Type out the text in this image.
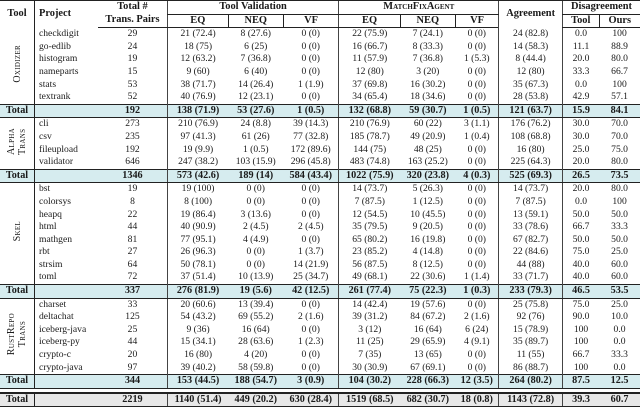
Tool	Project	Total #	Tool Validation			MatchFixAgent			Agreement	Disagreement	
		Trans. Pairs	EQ	NEQ	VF	EQ	NEQ	VF		Tool	Ours
Oxidizer	checkdigit	29	21 (72.4)	8 (27.6)	0 (0)	22 (75.9)	7 (24.1)	0 (0)	24 (82.8)	0.0	100
	go-edlib	24	18 (75)	6 (25)	0 (0)	16 (66.7)	8 (33.3)	0 (0)	14 (58.3)	11.1	88.9
	histogram	19	12 (63.2)	7 (36.8)	0 (0)	11 (57.9)	7 (36.8)	1 (5.3)	8 (44.4)	20.0	80.0
	nameparts	15	9 (60)	6 (40)	0 (0)	12 (80)	3 (20)	0 (0)	12 (80)	33.3	66.7
	stats	53	38 (71.7)	14 (26.4)	1 (1.9)	37 (69.8)	16 (30.2)	0 (0)	35 (67.3)	0.0	100
	textrank	52	40 (76.9)	12 (23.1)	0 (0)	34 (65.4)	18 (34.6)	0 (0)	28 (53.8)	42.9	57.1
Total		192	138 (71.9)	53 (27.6)	1 (0.5)	132 (68.8)	59 (30.7)	1 (0.5)	121 (63.7)	15.9	84.1
Alpha
Trans	cli	273	210 (76.9)	24 (8.8)	39 (14.3)	210 (76.9)	60 (22)	3 (1.1)	176 (76.2)	30.0	70.0
	csv	235	97 (41.3)	61 (26)	77 (32.8)	185 (78.7)	49 (20.9)	1 (0.4)	108 (68.8)	30.0	70.0
	fileupload	192	19 (9.9)	1 (0.5)	172 (89.6)	144 (75)	48 (25)	0 (0)	16 (80)	25.0	75.0
	validator	646	247 (38.2)	103 (15.9)	296 (45.8)	483 (74.8)	163 (25.2)	0 (0)	225 (64.3)	20.0	80.0
Total		1346	573 (42.6)	189 (14)	584 (43.4)	1022 (75.9)	320 (23.8)	4 (0.3)	525 (69.3)	26.5	73.5
Skel	bst	19	19 (100)	0 (0)	0 (0)	14 (73.7)	5 (26.3)	0 (0)	14 (73.7)	20.0	80.0
	colorsys	8	8 (100)	0 (0)	0 (0)	7 (87.5)	1 (12.5)	0 (0)	7 (87.5)	0.0	100
	heapq	22	19 (86.4)	3 (13.6)	0 (0)	12 (54.5)	10 (45.5)	0 (0)	13 (59.1)	50.0	50.0
	html	44	40 (90.9)	2 (4.5)	2 (4.5)	35 (79.5)	9 (20.5)	0 (0)	33 (78.6)	66.7	33.3
	mathgen	81	77 (95.1)	4 (4.9)	0 (0)	65 (80.2)	16 (19.8)	0 (0)	67 (82.7)	50.0	50.0
	rbt	27	26 (96.3)	0 (0)	1 (3.7)	23 (85.2)	4 (14.8)	0 (0)	22 (84.6)	75.0	25.0
	strsim	64	50 (78.1)	0 (0)	14 (21.9)	56 (87.5)	8 (12.5)	0 (0)	44 (88)	40.0	60.0
	toml	72	37 (51.4)	10 (13.9)	25 (34.7)	49 (68.1)	22 (30.6)	1 (1.4)	33 (71.7)	40.0	60.0
Total		337	276 (81.9)	19 (5.6)	42 (12.5)	261 (77.4)	75 (22.3)	1 (0.3)	233 (79.3)	46.5	53.5
RustRepo
Trans	charset	33	20 (60.6)	13 (39.4)	0 (0)	14 (42.4)	19 (57.6)	0 (0)	25 (75.8)	75.0	25.0
	deltachat	125	54 (43.2)	69 (55.2)	2 (1.6)	39 (31.2)	84 (67.2)	2 (1.6)	92 (76)	90.0	10.0
	iceberg-java	25	9 (36)	16 (64)	0 (0)	3 (12)	16 (64)	6 (24)	15 (78.9)	100	0.0
	iceberg-py	44	15 (34.1)	28 (63.6)	1 (2.3)	11 (25)	29 (65.9)	4 (9.1)	35 (89.7)	100	0.0
	crypto-c	20	16 (80)	4 (20)	0 (0)	7 (35)	13 (65)	0 (0)	11 (55)	66.7	33.3
	crypto-java	97	39 (40.2)	58 (59.8)	0 (0)	30 (30.9)	67 (69.1)	0 (0)	86 (88.7)	100	0.0
Total		344	153 (44.5)	188 (54.7)	3 (0.9)	104 (30.2)	228 (66.3)	12 (3.5)	264 (80.2)	87.5	12.5

Total		2219	1140 (51.4)	449 (20.2)	630 (28.4)	1519 (68.5)	682 (30.7)	18 (0.8)	1143 (72.8)	39.3	60.7
